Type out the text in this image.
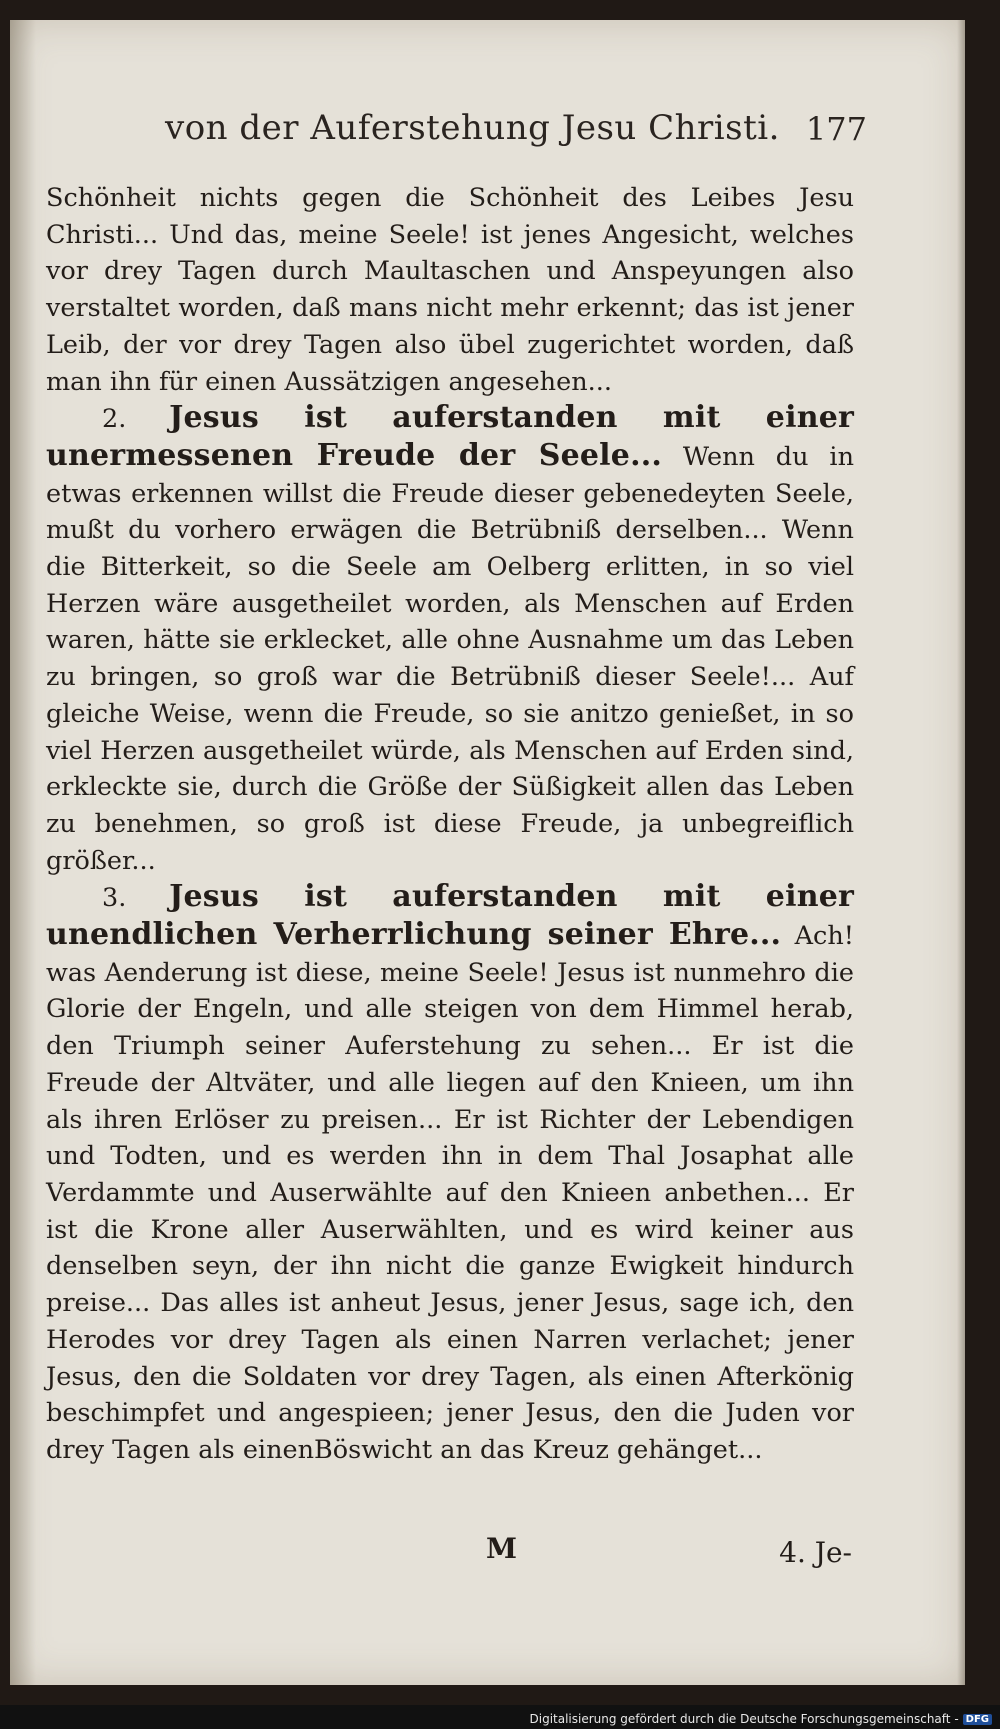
von der Auferstehung Jesu Christi. 177

Schönheit nichts gegen die Schönheit des Leibes Jesu Christi... Und das, meine Seele! ist jenes Angesicht, welches vor drey Tagen durch Maultaschen und Anspeyungen also verstaltet worden, daß mans nicht mehr erkennt; das ist jener Leib, der vor drey Tagen also übel zugerichtet worden, daß man ihn für einen Aussätzigen angesehen...

2. Jesus ist auferstanden mit einer unermessenen Freude der Seele... Wenn du in etwas erkennen willst die Freude dieser gebenedeyten Seele, mußt du vorhero erwägen die Betrübniß derselben... Wenn die Bitterkeit, so die Seele am Oelberg erlitten, in so viel Herzen wäre ausgetheilet worden, als Menschen auf Erden waren, hätte sie erklecket, alle ohne Ausnahme um das Leben zu bringen, so groß war die Betrübniß dieser Seele!... Auf gleiche Weise, wenn die Freude, so sie anitzo genießet, in so viel Herzen ausgetheilet würde, als Menschen auf Erden sind, erkleckte sie, durch die Größe der Süßigkeit allen das Leben zu benehmen, so groß ist diese Freude, ja unbegreiflich größer...

3. Jesus ist auferstanden mit einer unendlichen Verherrlichung seiner Ehre... Ach! was Aenderung ist diese, meine Seele! Jesus ist nunmehro die Glorie der Engeln, und alle steigen von dem Himmel herab, den Triumph seiner Auferstehung zu sehen... Er ist die Freude der Altväter, und alle liegen auf den Knieen, um ihn als ihren Erlöser zu preisen... Er ist Richter der Lebendigen und Todten, und es werden ihn in dem Thal Josaphat alle Verdammte und Auserwählte auf den Knieen anbethen... Er ist die Krone aller Auserwählten, und es wird keiner aus denselben seyn, der ihn nicht die ganze Ewigkeit hindurch preise... Das alles ist anheut Jesus, jener Jesus, sage ich, den Herodes vor drey Tagen als einen Narren verlachet; jener Jesus, den die Soldaten vor drey Tagen, als einen Afterkönig beschimpfet und angespieen; jener Jesus, den die Juden vor drey Tagen als einenBöswicht an das Kreuz gehänget...

M	4. Je-
Digitalisierung gefördert durch die Deutsche Forschungsgemeinschaft - DFG
